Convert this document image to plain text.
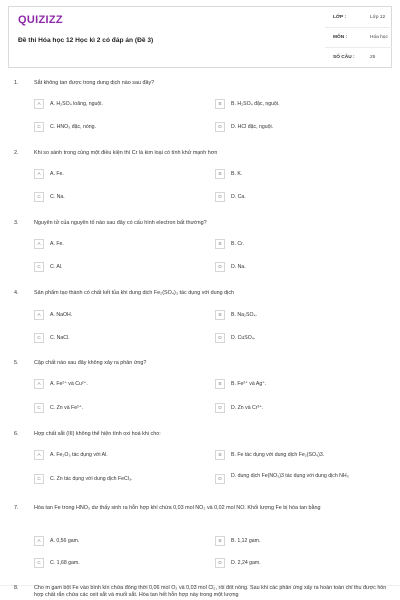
QUIZIZZ
Đề thi Hóa học 12 Học kì 2 có đáp án (Đề 3)
LỚP :	Lớp 12
MÔN :	Hóa học
SỐ CÂU :	25
1.	Sắt không tan được trong dung dịch nào sau đây?
A	A. H₂SO₄ loãng, nguội.	B	B. H₂SO₄ đặc, nguội.
C	C. HNO₃ đặc, nóng.	D	D. HCl đặc, nguội.
2.	Khi so sánh trong cùng một điều kiện thì Cr là kim loại có tính khử mạnh hơn
A	A. Fe.	B	B. K.
C	C. Na.	D	D. Ca.
3.	Nguyên tử của nguyên tố nào sau đây có cấu hình electron bất thường?
A	A. Fe.	B	B. Cr.
C	C. Al.	D	D. Na.
4.	Sản phẩm tạo thành có chất kết tủa khi dung dịch Fe₂(SO₄)₃ tác dụng với dung dịch
A	A. NaOH.	B	B. Na₂SO₄.
C	C. NaCl.	D	D. CuSO₄.
5.	Cặp chất nào sau đây không xảy ra phản ứng?
A	A. Fe²⁺ và Cu²⁺.	B	B. Fe²⁺ và Ag⁺.
C	C. Zn và Fe²⁺.	D	D. Zn và Cr³⁺.
6.	Hợp chất sắt (III) không thể hiện tính oxi hoá khi cho:
A	A. Fe₂O₃ tác dụng với Al.	B	B. Fe tác dụng với dung dịch Fe₂(SO₄)3.
C	C. Zn tác dụng với dung dịch FeCl₃.	D	D. dung dịch Fe(NO₃)3 tác dụng với dung dịch NH₃
7.	Hòa tan Fe trong HNO₃ dư thấy sinh ra hỗn hợp khí chứa 0,03 mol NO₂ và 0,02 mol NO. Khối lượng Fe bị hòa tan bằng
A	A. 0,56 gam.	B	B. 1,12 gam.
C	C. 1,68 gam.	D	D. 2,24 gam.
8.	Cho m gam bột Fe vào bình kín chứa đồng thời 0,06 mol O₂ và 0,03 mol Cl₂, rồi đốt nóng. Sau khi các phản ứng xảy ra hoàn toàn chỉ thu được hỗn hợp chất rắn chứa các oxit sắt và muối sắt. Hòa tan hết hỗn hợp này trong một lượng
